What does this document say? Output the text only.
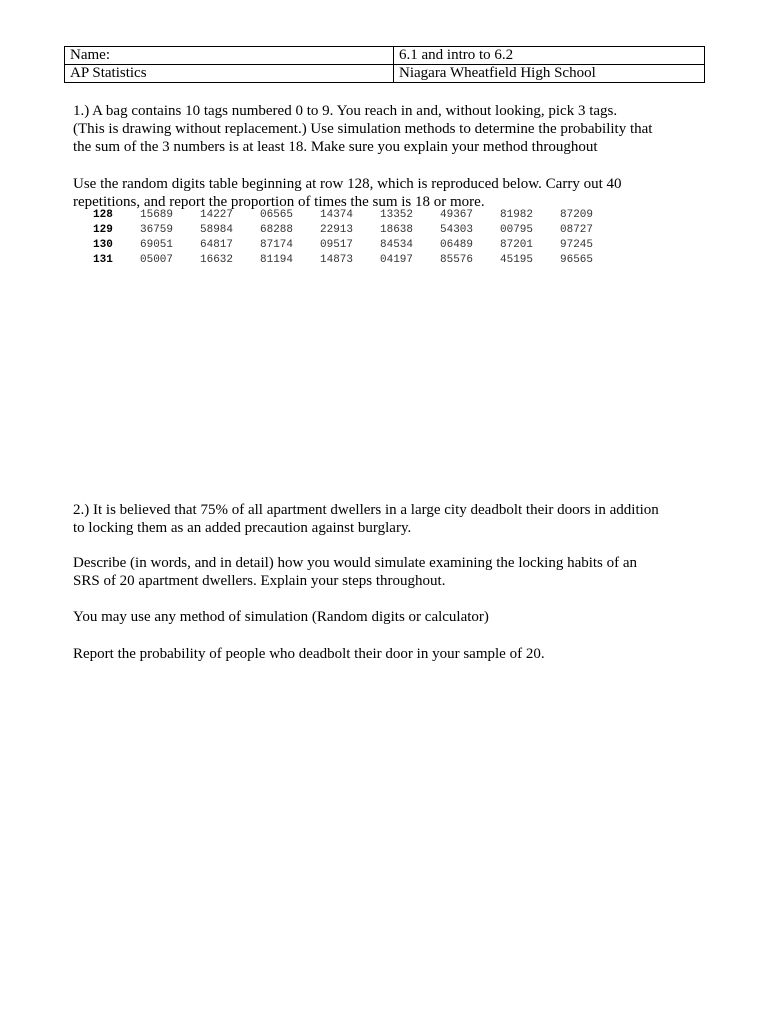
Name:	6.1 and intro to 6.2
AP Statistics	Niagara Wheatfield High School

1.) A bag contains 10 tags numbered 0 to 9. You reach in and, without looking, pick 3 tags.
(This is drawing without replacement.) Use simulation methods to determine the probability that
the sum of the 3 numbers is at least 18. Make sure you explain your method throughout

Use the random digits table beginning at row 128, which is reproduced below. Carry out 40
repetitions, and report the proportion of times the sum is 18 or more.

128 15689 14227 06565 14374 13352 49367 81982 87209
129 36759 58984 68288 22913 18638 54303 00795 08727
130 69051 64817 87174 09517 84534 06489 87201 97245
131 05007 16632 81194 14873 04197 85576 45195 96565

2.) It is believed that 75% of all apartment dwellers in a large city deadbolt their doors in addition
to locking them as an added precaution against burglary.

Describe (in words, and in detail) how you would simulate examining the locking habits of an
SRS of 20 apartment dwellers. Explain your steps throughout.

You may use any method of simulation (Random digits or calculator)

Report the probability of people who deadbolt their door in your sample of 20.
